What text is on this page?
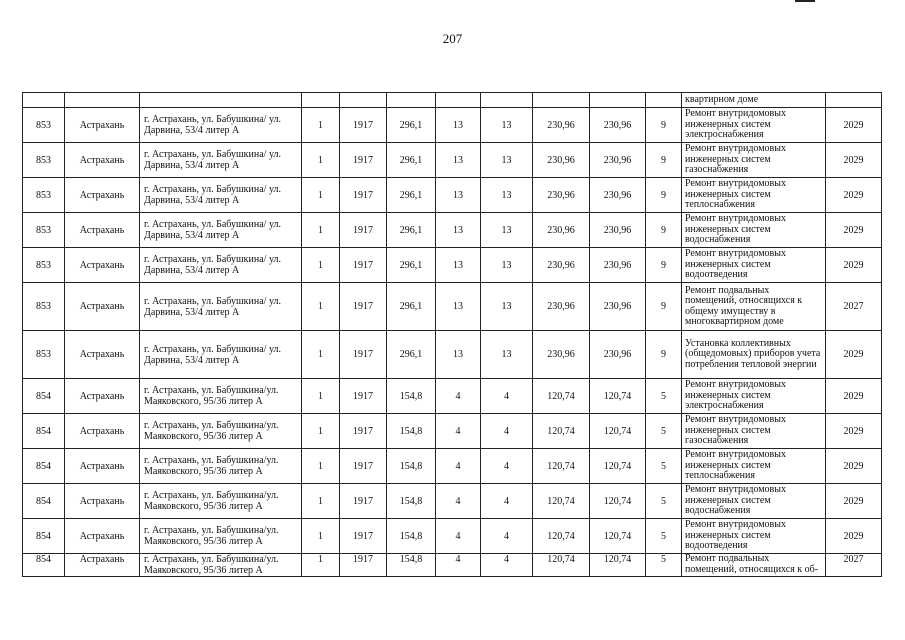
207
											квартирном доме	
853	Астрахань	г. Астрахань, ул. Бабушкина/ ул. Дарвина, 53/4 литер А	1	1917	296,1	13	13	230,96	230,96	9	Ремонт внутридомовых инженерных систем электроснабжения	2029
853	Астрахань	г. Астрахань, ул. Бабушкина/ ул. Дарвина, 53/4 литер А	1	1917	296,1	13	13	230,96	230,96	9	Ремонт внутридомовых инженерных систем газоснабжения	2029
853	Астрахань	г. Астрахань, ул. Бабушкина/ ул. Дарвина, 53/4 литер А	1	1917	296,1	13	13	230,96	230,96	9	Ремонт внутридомовых инженерных систем теплоснабжения	2029
853	Астрахань	г. Астрахань, ул. Бабушкина/ ул. Дарвина, 53/4 литер А	1	1917	296,1	13	13	230,96	230,96	9	Ремонт внутридомовых инженерных систем водоснабжения	2029
853	Астрахань	г. Астрахань, ул. Бабушкина/ ул. Дарвина, 53/4 литер А	1	1917	296,1	13	13	230,96	230,96	9	Ремонт внутридомовых инженерных систем водоотведения	2029
853	Астрахань	г. Астрахань, ул. Бабушкина/ ул. Дарвина, 53/4 литер А	1	1917	296,1	13	13	230,96	230,96	9	Ремонт подвальных помещений, относящихся к общему имуществу в многоквартирном доме	2027
853	Астрахань	г. Астрахань, ул. Бабушкина/ ул. Дарвина, 53/4 литер А	1	1917	296,1	13	13	230,96	230,96	9	Установка коллективных (общедомовых) приборов учета потребления тепловой энергии	2029
854	Астрахань	г. Астрахань, ул. Бабушкина/ул. Маяковского, 95/36 литер А	1	1917	154,8	4	4	120,74	120,74	5	Ремонт внутридомовых инженерных систем электроснабжения	2029
854	Астрахань	г. Астрахань, ул. Бабушкина/ул. Маяковского, 95/36 литер А	1	1917	154,8	4	4	120,74	120,74	5	Ремонт внутридомовых инженерных систем газоснабжения	2029
854	Астрахань	г. Астрахань, ул. Бабушкина/ул. Маяковского, 95/36 литер А	1	1917	154,8	4	4	120,74	120,74	5	Ремонт внутридомовых инженерных систем теплоснабжения	2029
854	Астрахань	г. Астрахань, ул. Бабушкина/ул. Маяковского, 95/36 литер А	1	1917	154,8	4	4	120,74	120,74	5	Ремонт внутридомовых инженерных систем водоснабжения	2029
854	Астрахань	г. Астрахань, ул. Бабушкина/ул. Маяковского, 95/36 литер А	1	1917	154,8	4	4	120,74	120,74	5	Ремонт внутридомовых инженерных систем водоотведения	2029
854	Астрахань	г. Астрахань, ул. Бабушкина/ул. Маяковского, 95/36 литер А	1	1917	154,8	4	4	120,74	120,74	5	Ремонт подвальных помещений, относящихся к об-	2027
